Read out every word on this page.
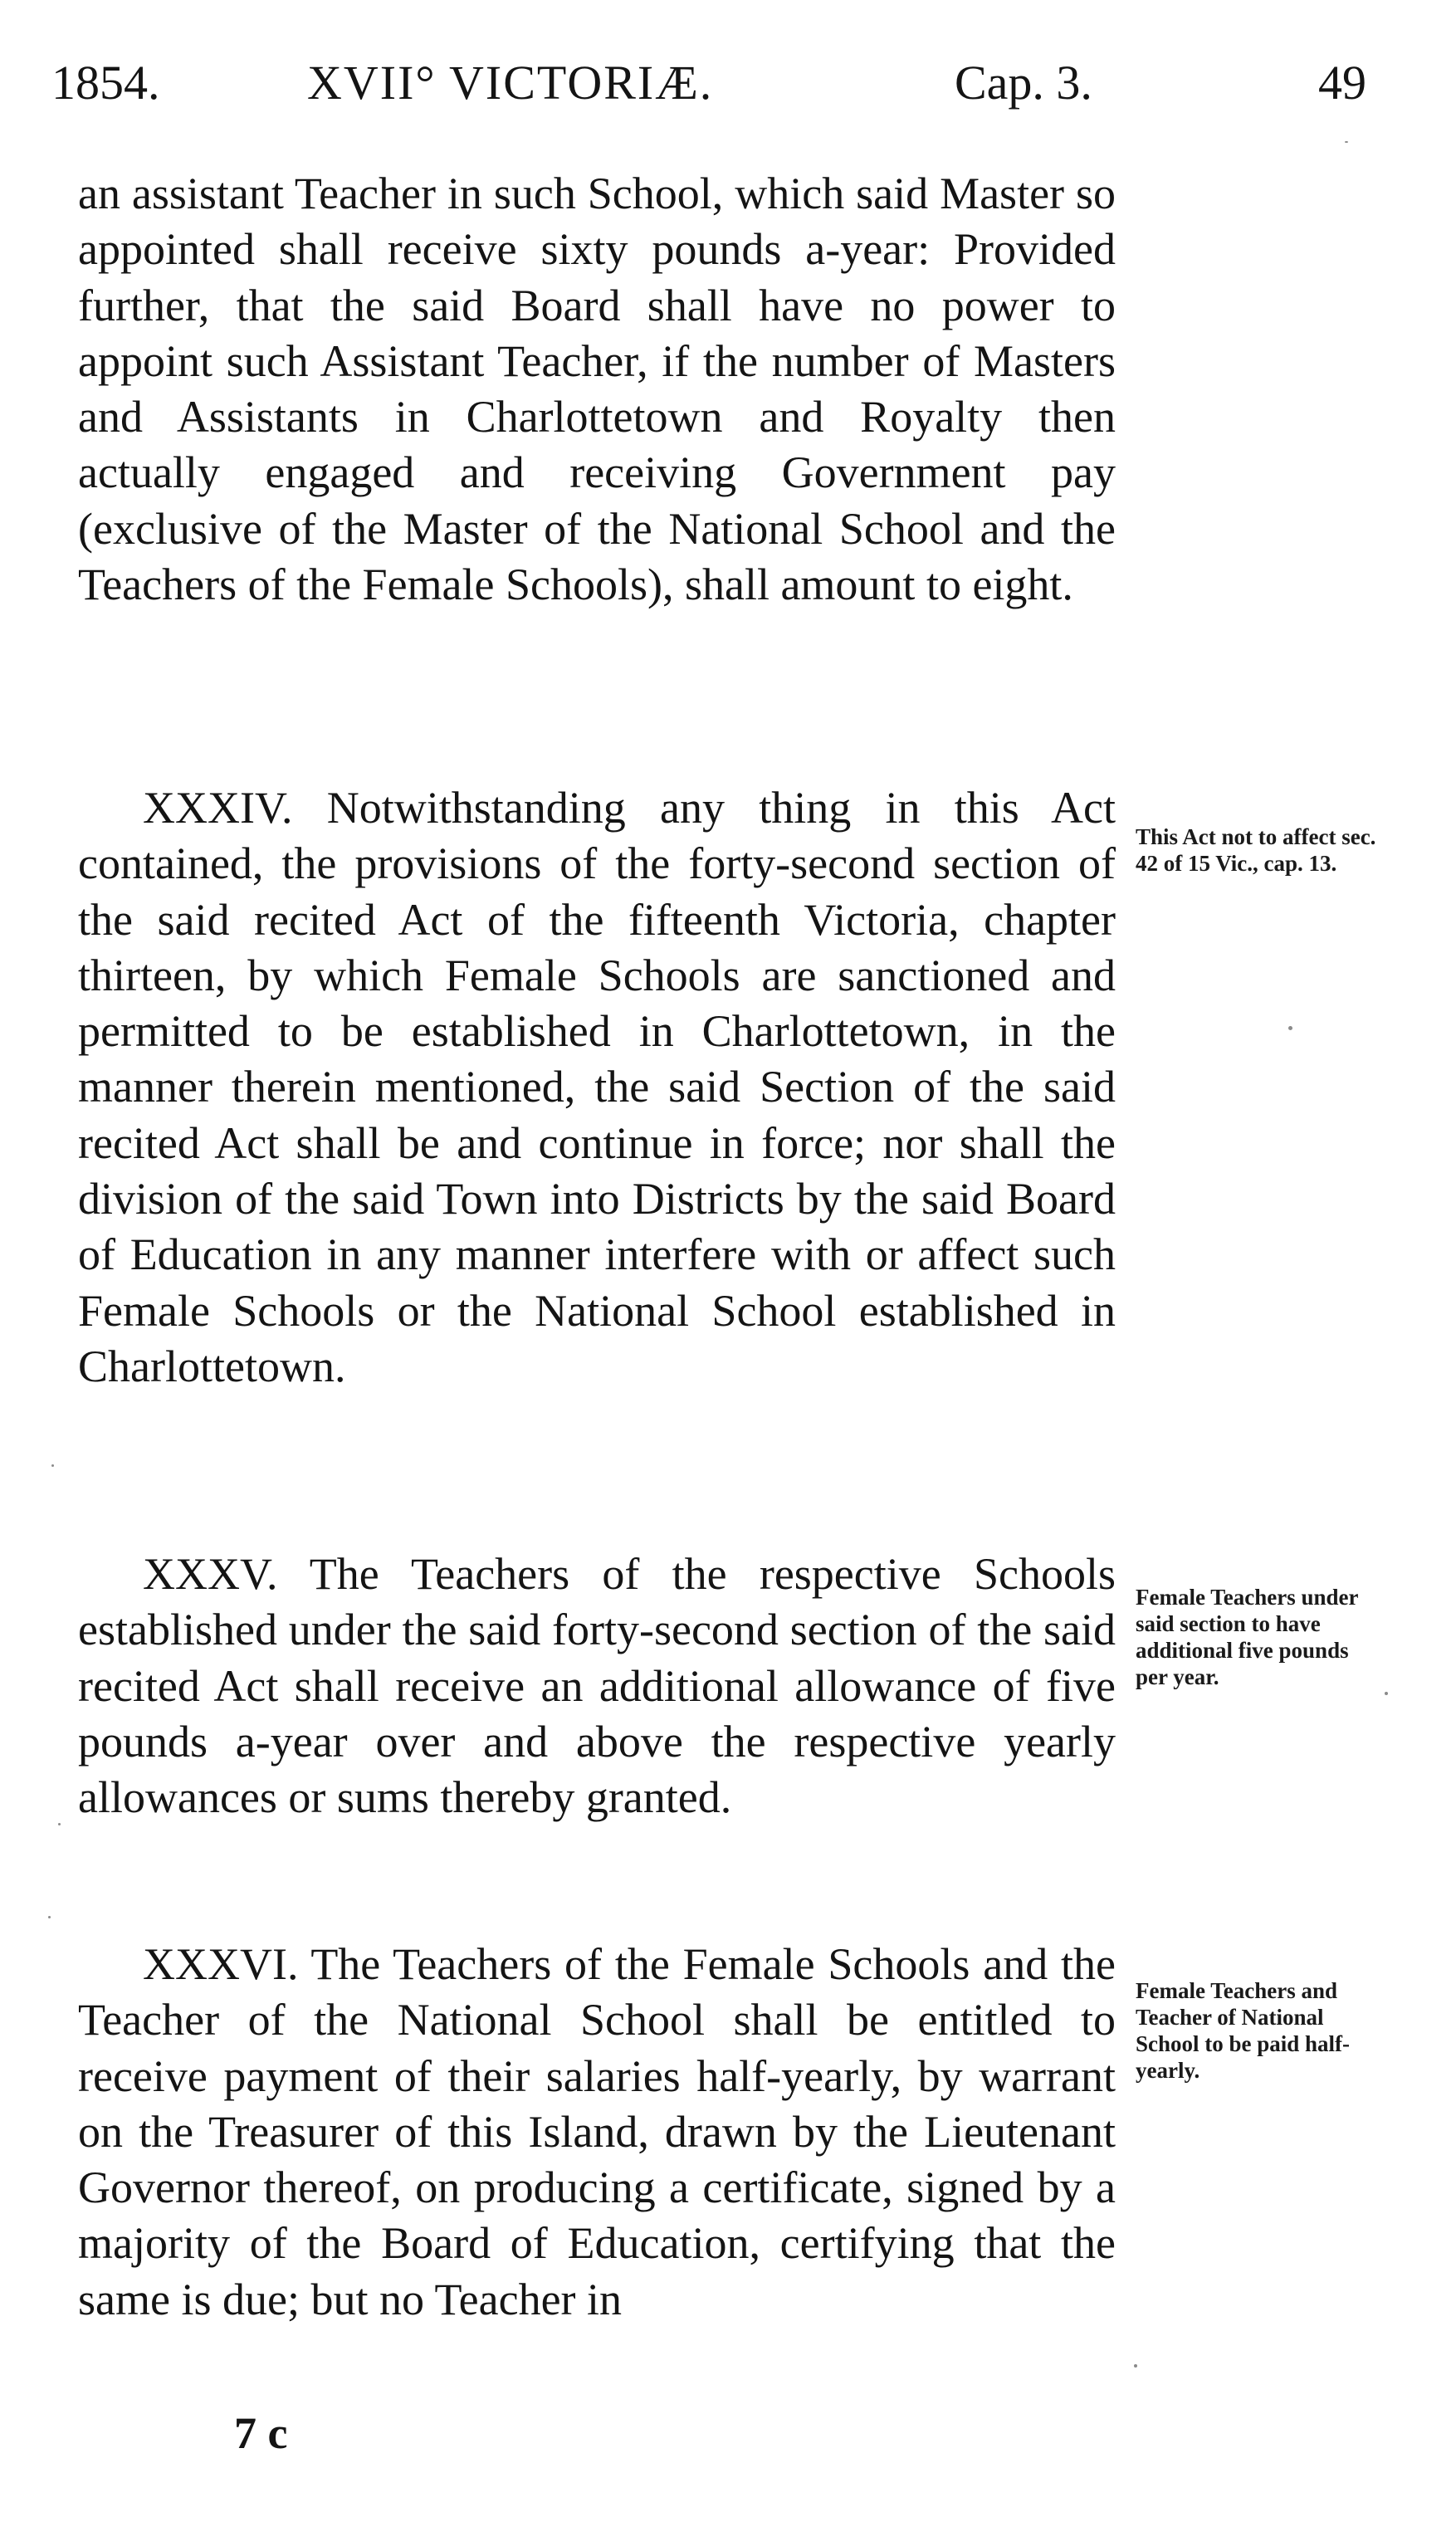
1854.	XVII° VICTORIÆ.	Cap. 3.	49

an assistant Teacher in such School, which said Master so appointed shall receive sixty pounds a-year: Provided further, that the said Board shall have no power to appoint such Assistant Teacher, if the number of Masters and Assistants in Charlottetown and Royalty then actually engaged and receiving Government pay (exclusive of the Master of the National School and the Teachers of the Female Schools), shall amount to eight.

XXXIV. Notwithstanding any thing in this Act contained, the provisions of the forty-second section of the said recited Act of the fifteenth Victoria, chapter thirteen, by which Female Schools are sanctioned and permitted to be established in Charlottetown, in the manner therein mentioned, the said Section of the said recited Act shall be and continue in force; nor shall the division of the said Town into Districts by the said Board of Education in any manner interfere with or affect such Female Schools or the National School established in Charlottetown.

XXXV. The Teachers of the respective Schools established under the said forty-second section of the said recited Act shall receive an additional allowance of five pounds a-year over and above the respective yearly allowances or sums thereby granted.

XXXVI. The Teachers of the Female Schools and the Teacher of the National School shall be entitled to receive payment of their salaries half-yearly, by warrant on the Treasurer of this Island, drawn by the Lieutenant Governor thereof, on producing a certificate, signed by a majority of the Board of Education, certifying that the same is due; but no Teacher in

This Act not to affect sec. 42 of 15 Vic., cap. 13.
Female Teachers under said section to have additional five pounds per year.
Female Teachers and Teacher of National School to be paid half-yearly.
7 c
